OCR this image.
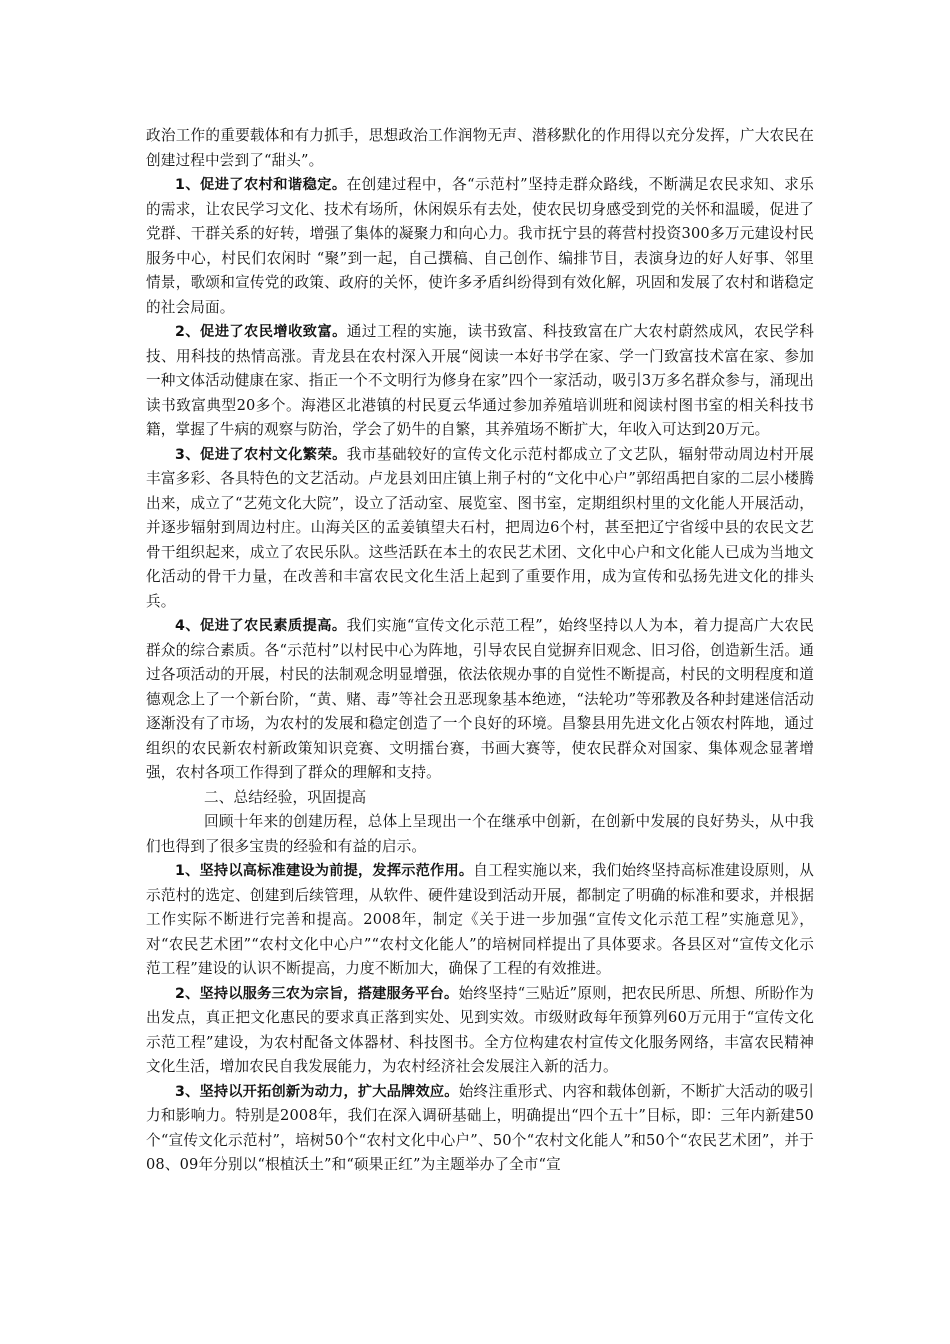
政治工作的重要载体和有力抓手，思想政治工作润物无声、潜移默化的作用得以充分发挥，广大农民在创建过程中尝到了“甜头”。

1、促进了农村和谐稳定。在创建过程中，各“示范村”坚持走群众路线，不断满足农民求知、求乐的需求，让农民学习文化、技术有场所，休闲娱乐有去处，使农民切身感受到党的关怀和温暖，促进了党群、干群关系的好转，增强了集体的凝聚力和向心力。我市抚宁县的蒋营村投资300多万元建设村民服务中心，村民们农闲时 “聚”到一起，自己撰稿、自己创作、编排节目，表演身边的好人好事、邻里情景，歌颂和宣传党的政策、政府的关怀，使许多矛盾纠纷得到有效化解，巩固和发展了农村和谐稳定的社会局面。

2、促进了农民增收致富。通过工程的实施，读书致富、科技致富在广大农村蔚然成风，农民学科技、用科技的热情高涨。青龙县在农村深入开展“阅读一本好书学在家、学一门致富技术富在家、参加一种文体活动健康在家、指正一个不文明行为修身在家”四个一家活动，吸引3万多名群众参与，涌现出读书致富典型20多个。海港区北港镇的村民夏云华通过参加养殖培训班和阅读村图书室的相关科技书籍，掌握了牛病的观察与防治，学会了奶牛的自繁，其养殖场不断扩大，年收入可达到20万元。

3、促进了农村文化繁荣。我市基础较好的宣传文化示范村都成立了文艺队，辐射带动周边村开展丰富多彩、各具特色的文艺活动。卢龙县刘田庄镇上荆子村的“文化中心户”郭绍禹把自家的二层小楼腾出来，成立了“艺苑文化大院”，设立了活动室、展览室、图书室，定期组织村里的文化能人开展活动，并逐步辐射到周边村庄。山海关区的孟姜镇望夫石村，把周边6个村，甚至把辽宁省绥中县的农民文艺骨干组织起来，成立了农民乐队。这些活跃在本土的农民艺术团、文化中心户和文化能人已成为当地文化活动的骨干力量，在改善和丰富农民文化生活上起到了重要作用，成为宣传和弘扬先进文化的排头兵。

4、促进了农民素质提高。我们实施“宣传文化示范工程”，始终坚持以人为本，着力提高广大农民群众的综合素质。各“示范村”以村民中心为阵地，引导农民自觉摒弃旧观念、旧习俗，创造新生活。通过各项活动的开展，村民的法制观念明显增强，依法依规办事的自觉性不断提高，村民的文明程度和道德观念上了一个新台阶，“黄、赌、毒”等社会丑恶现象基本绝迹，“法轮功”等邪教及各种封建迷信活动逐渐没有了市场，为农村的发展和稳定创造了一个良好的环境。昌黎县用先进文化占领农村阵地，通过组织的农民新农村新政策知识竞赛、文明擂台赛，书画大赛等，使农民群众对国家、集体观念显著增强，农村各项工作得到了群众的理解和支持。

二、总结经验，巩固提高

回顾十年来的创建历程，总体上呈现出一个在继承中创新，在创新中发展的良好势头，从中我们也得到了很多宝贵的经验和有益的启示。

1、坚持以高标准建设为前提，发挥示范作用。自工程实施以来，我们始终坚持高标准建设原则，从示范村的选定、创建到后续管理，从软件、硬件建设到活动开展，都制定了明确的标准和要求，并根据工作实际不断进行完善和提高。2008年，制定《关于进一步加强“宣传文化示范工程”实施意见》，对“农民艺术团”“农村文化中心户”“农村文化能人”的培树同样提出了具体要求。各县区对“宣传文化示范工程”建设的认识不断提高，力度不断加大，确保了工程的有效推进。

2、坚持以服务三农为宗旨，搭建服务平台。始终坚持“三贴近”原则，把农民所思、所想、所盼作为出发点，真正把文化惠民的要求真正落到实处、见到实效。市级财政每年预算列60万元用于“宣传文化示范工程”建设，为农村配备文体器材、科技图书。全方位构建农村宣传文化服务网络，丰富农民精神文化生活，增加农民自我发展能力，为农村经济社会发展注入新的活力。

3、坚持以开拓创新为动力，扩大品牌效应。始终注重形式、内容和载体创新，不断扩大活动的吸引力和影响力。特别是2008年，我们在深入调研基础上，明确提出“四个五十”目标，即：三年内新建50个“宣传文化示范村”，培树50个“农村文化中心户”、50个“农村文化能人”和50个“农民艺术团”，并于08、09年分别以“根植沃土”和“硕果正红”为主题举办了全市“宣
